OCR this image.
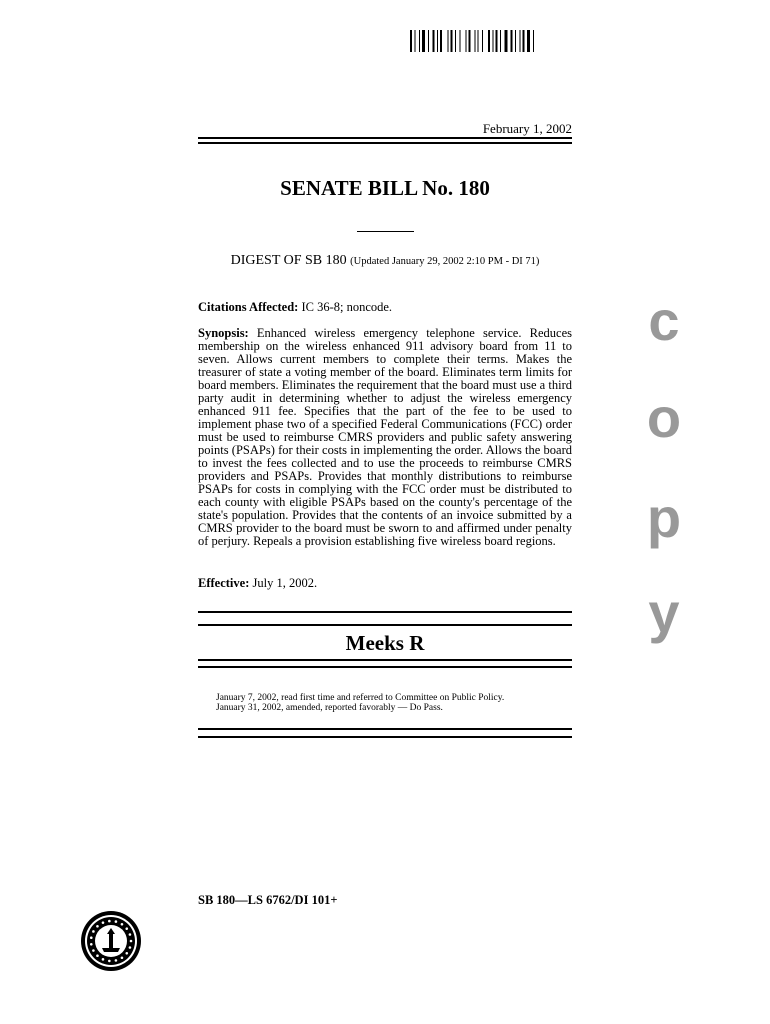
February 1, 2002
SENATE BILL No. 180
DIGEST OF SB 180 (Updated January 29, 2002 2:10 PM - DI 71)
Citations Affected: IC 36-8; noncode.
Synopsis: Enhanced wireless emergency telephone service. Reduces membership on the wireless enhanced 911 advisory board from 11 to seven. Allows current members to complete their terms. Makes the treasurer of state a voting member of the board. Eliminates term limits for board members. Eliminates the requirement that the board must use a third party audit in determining whether to adjust the wireless emergency enhanced 911 fee. Specifies that the part of the fee to be used to implement phase two of a specified Federal Communications (FCC) order must be used to reimburse CMRS providers and public safety answering points (PSAPs) for their costs in implementing the order. Allows the board to invest the fees collected and to use the proceeds to reimburse CMRS providers and PSAPs. Provides that monthly distributions to reimburse PSAPs for costs in complying with the FCC order must be distributed to each county with eligible PSAPs based on the county's percentage of the state's population. Provides that the contents of an invoice submitted by a CMRS provider to the board must be sworn to and affirmed under penalty of perjury. Repeals a provision establishing five wireless board regions.
Effective: July 1, 2002.
Meeks R
January 7, 2002, read first time and referred to Committee on Public Policy.
January 31, 2002, amended, reported favorably — Do Pass.
SB 180—LS 6762/DI 101+
c
o
p
y
